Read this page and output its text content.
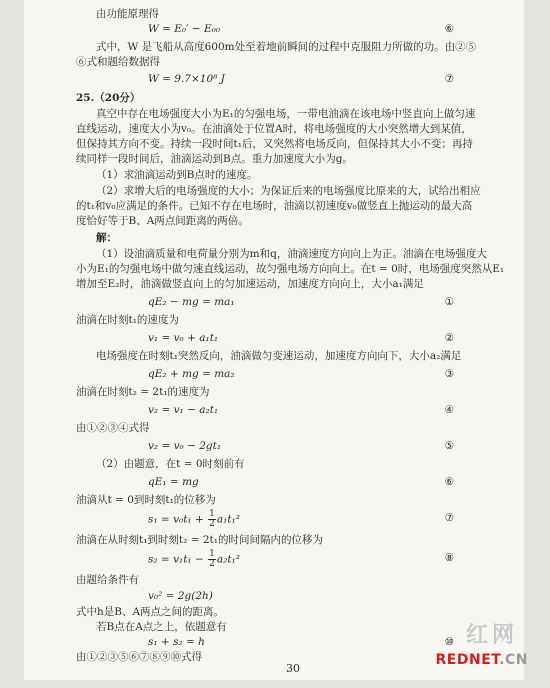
由功能原理得
W = E₀′ − E₀₀	⑥
式中，W 是飞船从高度600m处至着地前瞬间的过程中克服阻力所做的功。由②⑤
⑥式和题给数据得
W = 9.7×10⁸ J	⑦
25.（20分）
真空中存在电场强度大小为E₁的匀强电场，一带电油滴在该电场中竖直向上做匀速
直线运动，速度大小为v₀。在油滴处于位置A时，将电场强度的大小突然增大到某值，
但保持其方向不变。持续一段时间t₁后，又突然将电场反向，但保持其大小不变；再持
续同样一段时间后，油滴运动到B点。重力加速度大小为g。
（1）求油滴运动到B点时的速度。
（2）求增大后的电场强度的大小；为保证后来的电场强度比原来的大，试给出相应
的t₁和v₀应满足的条件。已知不存在电场时，油滴以初速度v₀做竖直上抛运动的最大高
度恰好等于B、A两点间距离的两倍。
解：
（1）设油滴质量和电荷量分别为m和q，油滴速度方向向上为正。油滴在电场强度大
小为E₁的匀强电场中做匀速直线运动，故匀强电场方向向上。在t = 0时，电场强度突然从E₁
增加至E₂时，油滴做竖直向上的匀加速运动，加速度方向向上，大小a₁满足
qE₂ − mg = ma₁	①
油滴在时刻t₁的速度为
v₁ = v₀ + a₁t₁	②
电场强度在时刻t₁突然反向，油滴做匀变速运动，加速度方向向下，大小a₂满足
qE₂ + mg = ma₂	③
油滴在时刻t₂ = 2t₁的速度为
v₂ = v₁ − a₂t₁	④
由①②③④式得
v₂ = v₀ − 2gt₁	⑤
（2）由题意，在t = 0时刻前有
qE₁ = mg	⑥
油滴从t = 0到时刻t₁的位移为
$s_1 = v_0t_1 + \frac{1}{2} a_1t_1^2$	⑦
油滴在从时刻t₁到时刻t₂ = 2t₁的时间间隔内的位移为
$s_2 = v_1t_1 - \frac{1}{2} a_2t_1^2$	⑧
由题给条件有
v₀² = 2g(2h)
式中h是B、A两点之间的距离。
若B点在A点之上，依题意有
s₁ + s₂ = h	⑩
由①②③⑤⑥⑦⑧⑨⑩式得
30
红网
REDNET.CN
